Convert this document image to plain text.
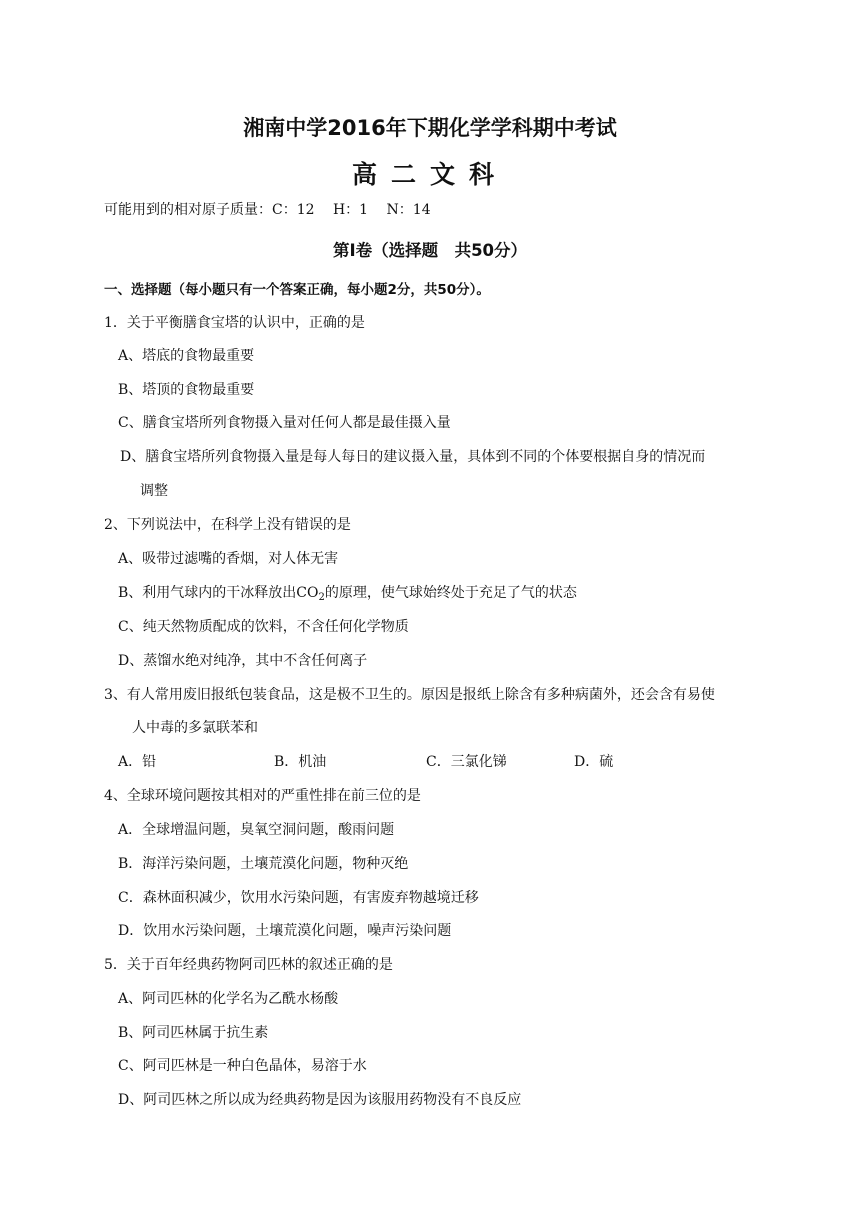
湘南中学2016年下期化学学科期中考试
高二文科
可能用到的相对原子质量：C：12　 H：1　 N：14
第Ⅰ卷（选择题　共50分）
一、选择题（每小题只有一个答案正确，每小题2分，共50分）。
1．关于平衡膳食宝塔的认识中，正确的是
A、塔底的食物最重要
B、塔顶的食物最重要
C、膳食宝塔所列食物摄入量对任何人都是最佳摄入量
D、膳食宝塔所列食物摄入量是每人每日的建议摄入量，具体到不同的个体要根据自身的情况而
调整
2、下列说法中，在科学上没有错误的是
A、吸带过滤嘴的香烟，对人体无害
B、利用气球内的干冰释放出$CO_2$的原理，使气球始终处于充足了气的状态
C、纯天然物质配成的饮料，不含任何化学物质
D、蒸馏水绝对纯净，其中不含任何离子
3、有人常用废旧报纸包装食品，这是极不卫生的。原因是报纸上除含有多种病菌外，还会含有易使
人中毒的多氯联苯和
A．铅	B．机油	C．三氯化锑	D．硫
4、全球环境问题按其相对的严重性排在前三位的是
A．全球增温问题，臭氧空洞问题，酸雨问题
B．海洋污染问题，土壤荒漠化问题，物种灭绝
C．森林面积减少，饮用水污染问题，有害废弃物越境迁移
D．饮用水污染问题，土壤荒漠化问题，噪声污染问题
5．关于百年经典药物阿司匹林的叙述正确的是
A、阿司匹林的化学名为乙酰水杨酸
B、阿司匹林属于抗生素
C、阿司匹林是一种白色晶体，易溶于水
D、阿司匹林之所以成为经典药物是因为该服用药物没有不良反应
